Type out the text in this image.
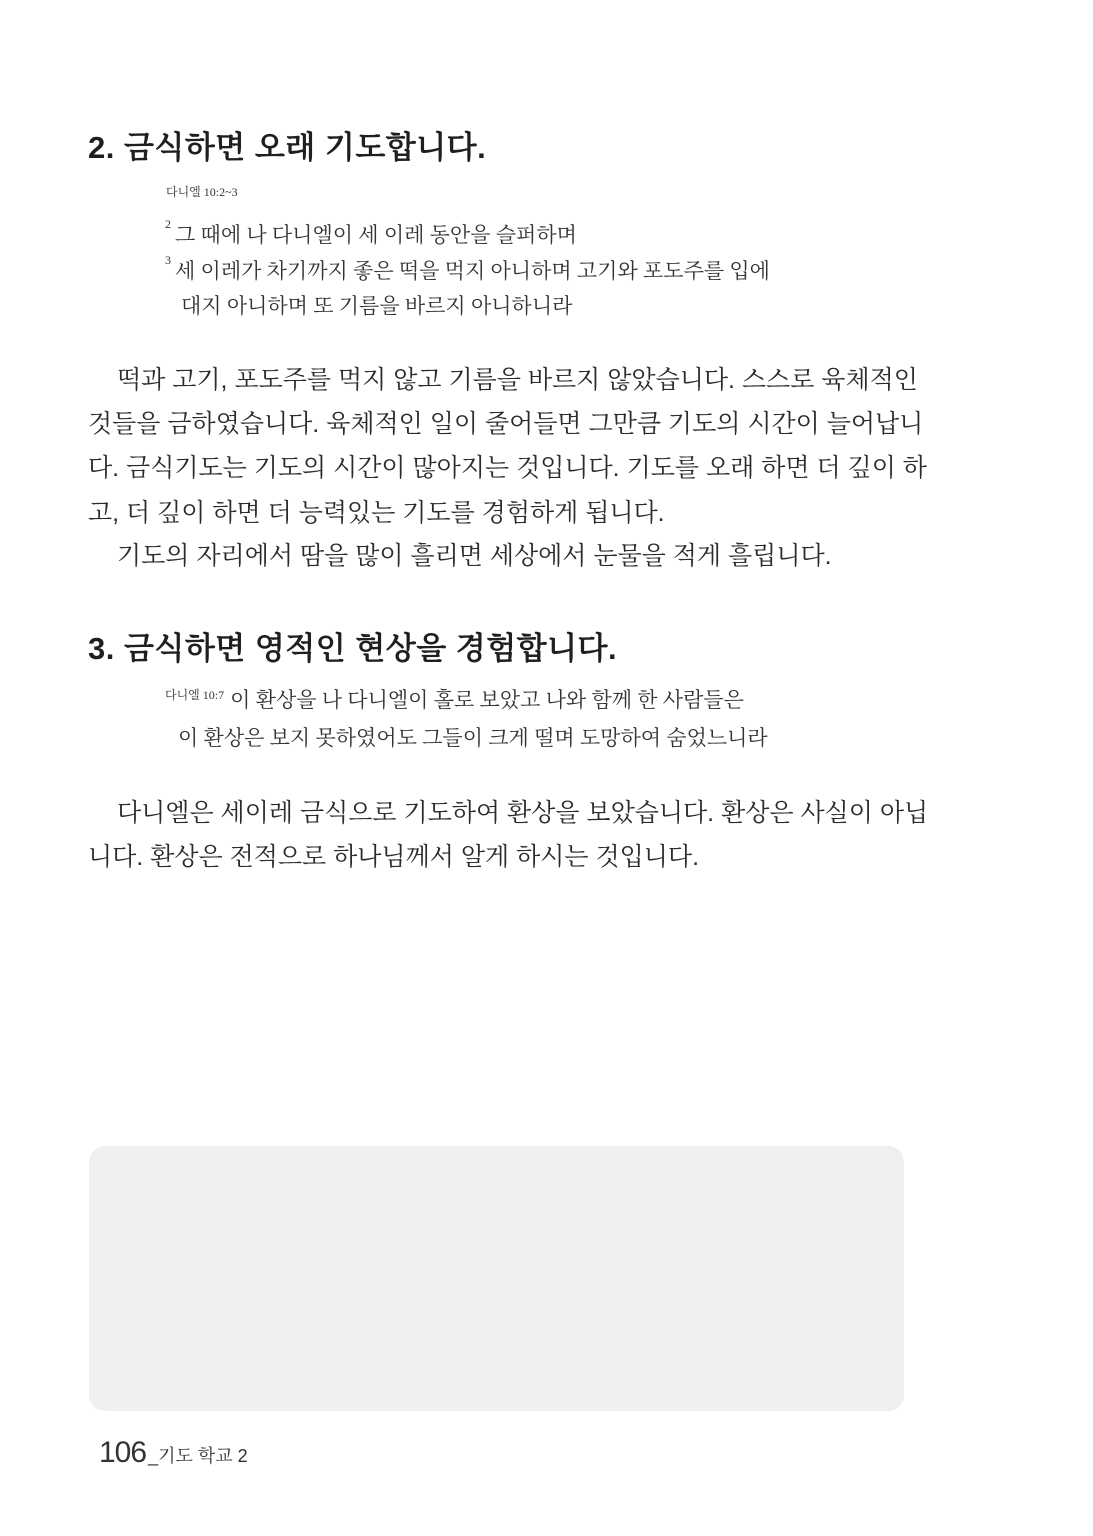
2. 금식하면 오래 기도합니다.
다니엘 10:2~3

$^2$ 그 때에 나 다니엘이 세 이레 동안을 슬퍼하며

$^3$ 세 이레가 차기까지 좋은 떡을 먹지 아니하며 고기와 포도주를 입에

대지 아니하며 또 기름을 바르지 아니하니라

떡과 고기, 포도주를 먹지 않고 기름을 바르지 않았습니다. 스스로 육체적인

것들을 금하였습니다. 육체적인 일이 줄어들면 그만큼 기도의 시간이 늘어납니

다. 금식기도는 기도의 시간이 많아지는 것입니다. 기도를 오래 하면 더 깊이 하

고, 더 깊이 하면 더 능력있는 기도를 경험하게 됩니다.

기도의 자리에서 땀을 많이 흘리면 세상에서 눈물을 적게 흘립니다.

3. 금식하면 영적인 현상을 경험합니다.

$^{다니엘 10:7}$ 이 환상을 나 다니엘이 홀로 보았고 나와 함께 한 사람들은

이 환상은 보지 못하였어도 그들이 크게 떨며 도망하여 숨었느니라

다니엘은 세이레 금식으로 기도하여 환상을 보았습니다. 환상은 사실이 아닙

니다. 환상은 전적으로 하나님께서 알게 하시는 것입니다.

106 _기도 학교 2
